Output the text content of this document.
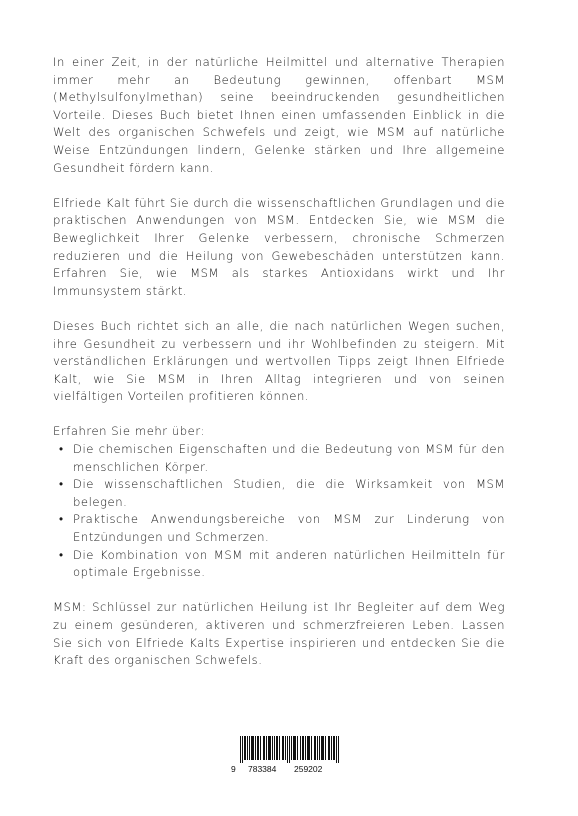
In einer Zeit, in der natürliche Heilmittel und alternative Therapien immer mehr an Bedeutung gewinnen, offenbart MSM (Methylsulfonylmethan) seine beeindruckenden gesundheitlichen Vorteile. Dieses Buch bietet Ihnen einen umfassenden Einblick in die Welt des organischen Schwefels und zeigt, wie MSM auf natürliche Weise Entzündungen lindern, Gelenke stärken und Ihre allgemeine Gesundheit fördern kann.

Elfriede Kalt führt Sie durch die wissenschaftlichen Grundlagen und die praktischen Anwendungen von MSM. Entdecken Sie, wie MSM die Beweglichkeit Ihrer Gelenke verbessern, chronische Schmerzen reduzieren und die Heilung von Gewebeschäden unterstützen kann. Erfahren Sie, wie MSM als starkes Antioxidans wirkt und Ihr Immunsystem stärkt.

Dieses Buch richtet sich an alle, die nach natürlichen Wegen suchen, ihre Gesundheit zu verbessern und ihr Wohlbefinden zu steigern. Mit verständlichen Erklärungen und wertvollen Tipps zeigt Ihnen Elfriede Kalt, wie Sie MSM in Ihren Alltag integrieren und von seinen vielfältigen Vorteilen profitieren können.

Erfahren Sie mehr über:
• Die chemischen Eigenschaften und die Bedeutung von MSM für den menschlichen Körper.
• Die wissenschaftlichen Studien, die die Wirksamkeit von MSM belegen.
• Praktische Anwendungsbereiche von MSM zur Linderung von Entzündungen und Schmerzen.
• Die Kombination von MSM mit anderen natürlichen Heilmitteln für optimale Ergebnisse.

MSM: Schlüssel zur natürlichen Heilung ist Ihr Begleiter auf dem Weg zu einem gesünderen, aktiveren und schmerzfreieren Leben. Lassen Sie sich von Elfriede Kalts Expertise inspirieren und entdecken Sie die Kraft des organischen Schwefels.

9 783384 259202
